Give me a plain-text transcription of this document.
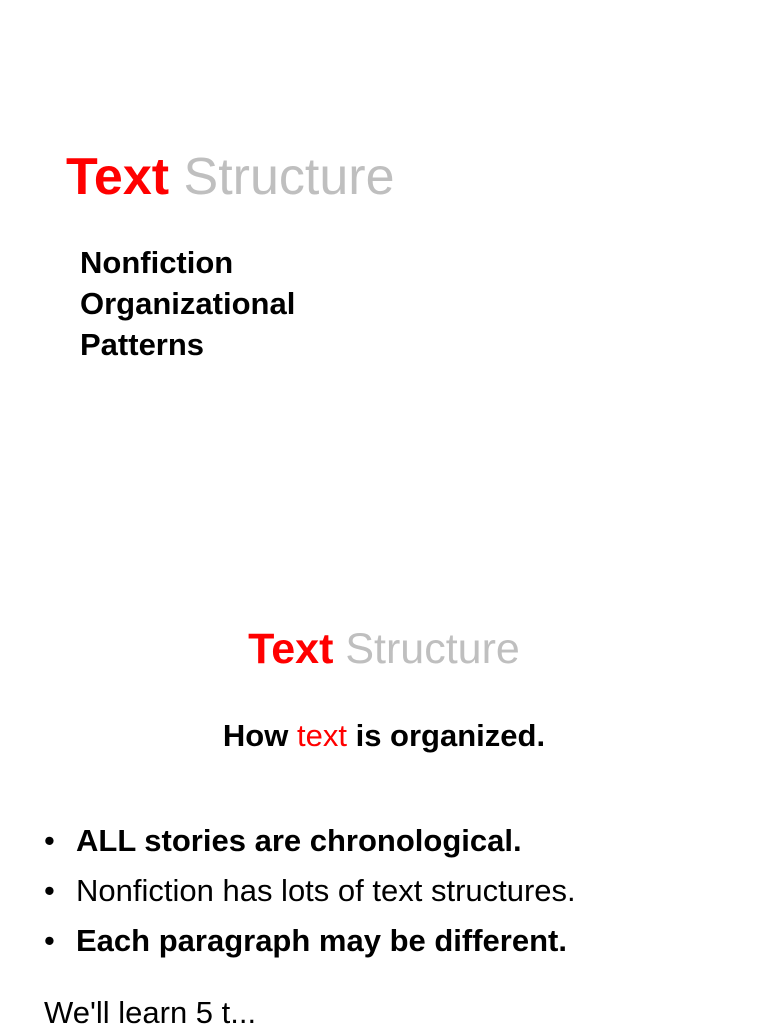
Text Structure
Nonfiction
Organizational
Patterns
Text Structure

How text is organized.

• ALL stories are chronological.
• Nonfiction has lots of text structures.
• Each paragraph may be different.

We'll learn 5 t...
